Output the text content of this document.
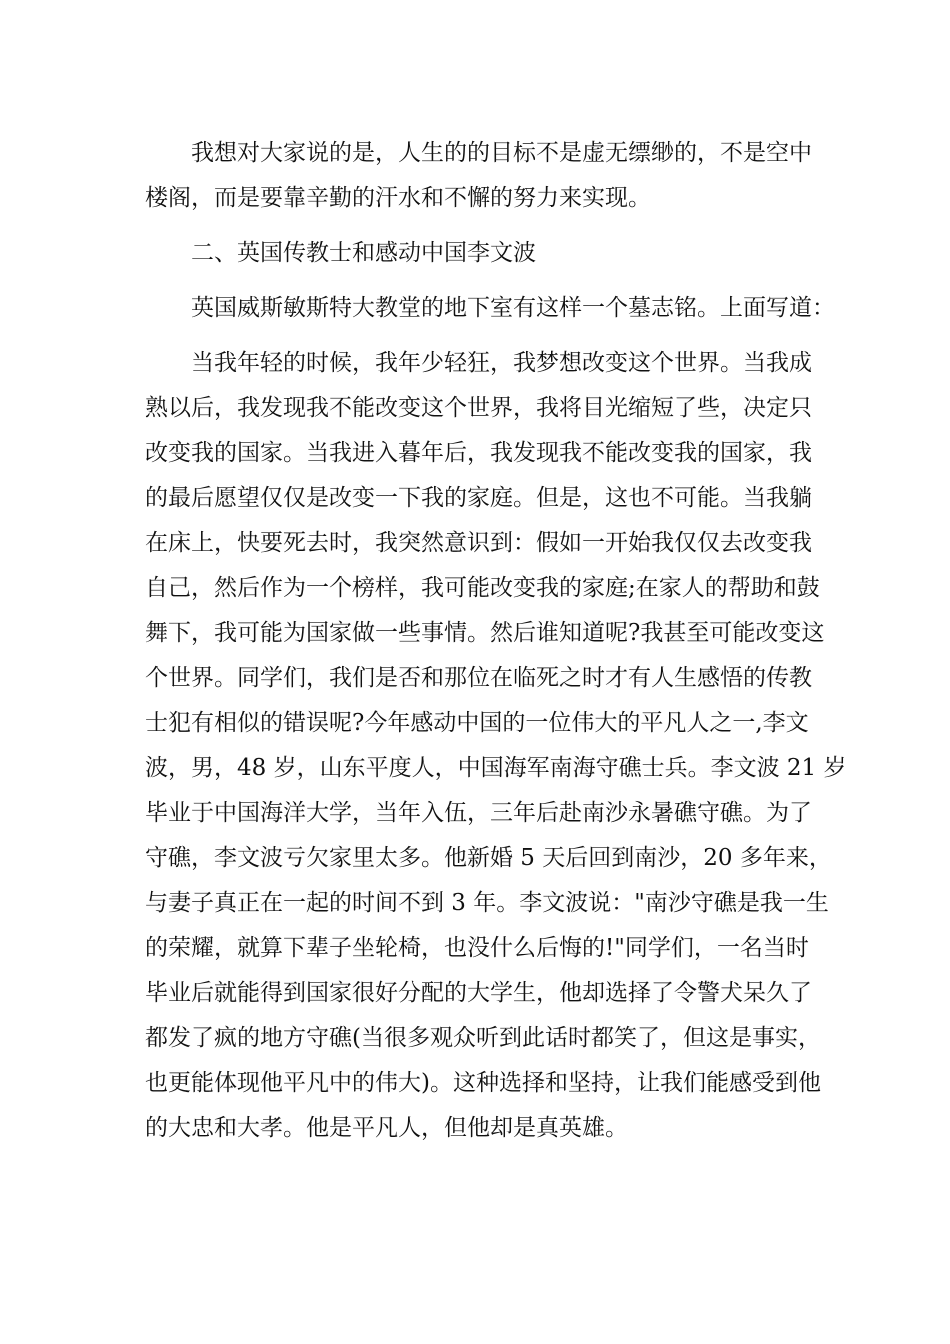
我想对大家说的是，人生的的目标不是虚无缥缈的，不是空中
楼阁，而是要靠辛勤的汗水和不懈的努力来实现。
二、英国传教士和感动中国李文波
英国威斯敏斯特大教堂的地下室有这样一个墓志铭。上面写道：
当我年轻的时候，我年少轻狂，我梦想改变这个世界。当我成
熟以后，我发现我不能改变这个世界，我将目光缩短了些，决定只
改变我的国家。当我进入暮年后，我发现我不能改变我的国家，我
的最后愿望仅仅是改变一下我的家庭。但是，这也不可能。当我躺
在床上，快要死去时，我突然意识到：假如一开始我仅仅去改变我
自己，然后作为一个榜样，我可能改变我的家庭;在家人的帮助和鼓
舞下，我可能为国家做一些事情。然后谁知道呢?我甚至可能改变这
个世界。同学们，我们是否和那位在临死之时才有人生感悟的传教
士犯有相似的错误呢?今年感动中国的一位伟大的平凡人之一,李文
波，男，48 岁，山东平度人，中国海军南海守礁士兵。李文波 21 岁
毕业于中国海洋大学，当年入伍，三年后赴南沙永暑礁守礁。为了
守礁，李文波亏欠家里太多。他新婚 5 天后回到南沙，20 多年来，
与妻子真正在一起的时间不到 3 年。李文波说："南沙守礁是我一生
的荣耀，就算下辈子坐轮椅，也没什么后悔的!"同学们，一名当时
毕业后就能得到国家很好分配的大学生，他却选择了令警犬呆久了
都发了疯的地方守礁(当很多观众听到此话时都笑了，但这是事实，
也更能体现他平凡中的伟大)。这种选择和坚持，让我们能感受到他
的大忠和大孝。他是平凡人，但他却是真英雄。
